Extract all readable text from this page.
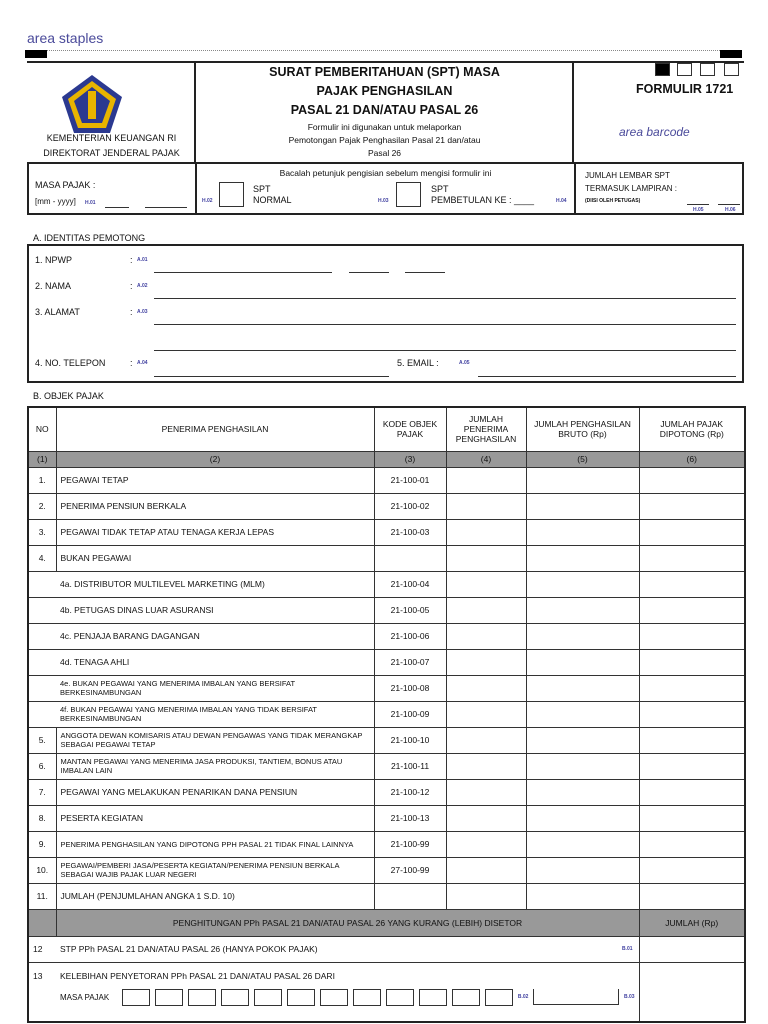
area staples
KEMENTERIAN KEUANGAN RI
DIREKTORAT JENDERAL PAJAK
SURAT PEMBERITAHUAN (SPT) MASA
PAJAK PENGHASILAN
PASAL 21 DAN/ATAU PASAL 26
Formulir ini digunakan untuk melaporkan
Pemotongan Pajak Penghasilan Pasal 21 dan/atau
Pasal 26
FORMULIR 1721
area barcode
MASA PAJAK :
[mm - yyyy] H.01
Bacalah petunjuk pengisian sebelum mengisi formulir ini
H.02
SPT
NORMAL	H.03
SPT
PEMBETULAN KE : ____	H.04
JUMLAH LEMBAR SPT
TERMASUK LAMPIRAN :
(DIISI OLEH PETUGAS)
H.05	H.06
A. IDENTITAS PEMOTONG
1. NPWP	: A.01
2. NAMA	: A.02
3. ALAMAT	: A.03
4. NO. TELEPON	: A.04	5. EMAIL :	A.05
B. OBJEK PAJAK
NO	PENERIMA PENGHASILAN	KODE OBJEK PAJAK	JUMLAH PENERIMA PENGHASILAN	JUMLAH PENGHASILAN BRUTO (Rp)	JUMLAH PAJAK DIPOTONG (Rp)
(1)	(2)	(3)	(4)	(5)	(6)
1.	PEGAWAI TETAP	21-100-01			
2.	PENERIMA PENSIUN BERKALA	21-100-02			
3.	PEGAWAI TIDAK TETAP ATAU TENAGA KERJA LEPAS	21-100-03			
4.	BUKAN PEGAWAI				
	4a. DISTRIBUTOR MULTILEVEL MARKETING (MLM)	21-100-04			
	4b. PETUGAS DINAS LUAR ASURANSI	21-100-05			
	4c. PENJAJA BARANG DAGANGAN	21-100-06			
	4d. TENAGA AHLI	21-100-07			
	4e. BUKAN PEGAWAI YANG MENERIMA IMBALAN YANG BERSIFAT BERKESINAMBUNGAN	21-100-08			
	4f. BUKAN PEGAWAI YANG MENERIMA IMBALAN YANG TIDAK BERSIFAT BERKESINAMBUNGAN	21-100-09			
5.	ANGGOTA DEWAN KOMISARIS ATAU DEWAN PENGAWAS YANG TIDAK MERANGKAP SEBAGAI PEGAWAI TETAP	21-100-10			
6.	MANTAN PEGAWAI YANG MENERIMA JASA PRODUKSI, TANTIEM, BONUS ATAU IMBALAN LAIN	21-100-11			
7.	PEGAWAI YANG MELAKUKAN PENARIKAN DANA PENSIUN	21-100-12			
8.	PESERTA KEGIATAN	21-100-13			
9.	PENERIMA PENGHASILAN YANG DIPOTONG PPH PASAL 21 TIDAK FINAL LAINNYA	21-100-99			
10.	PEGAWAI/PEMBERI JASA/PESERTA KEGIATAN/PENERIMA PENSIUN BERKALA SEBAGAI WAJIB PAJAK LUAR NEGERI	27-100-99			
11.	JUMLAH (PENJUMLAHAN ANGKA 1 S.D. 10)				
	PENGHITUNGAN PPh PASAL 21 DAN/ATAU PASAL 26 YANG KURANG (LEBIH) DISETOR				JUMLAH (Rp)
12	STP PPh PASAL 21 DAN/ATAU PASAL 26 (HANYA POKOK PAJAK) B.01				

13	KELEBIHAN PENYETORAN PPh PASAL 21 DAN/ATAU PASAL 26 DARI
MASA PAJAK B.02 B.03				
